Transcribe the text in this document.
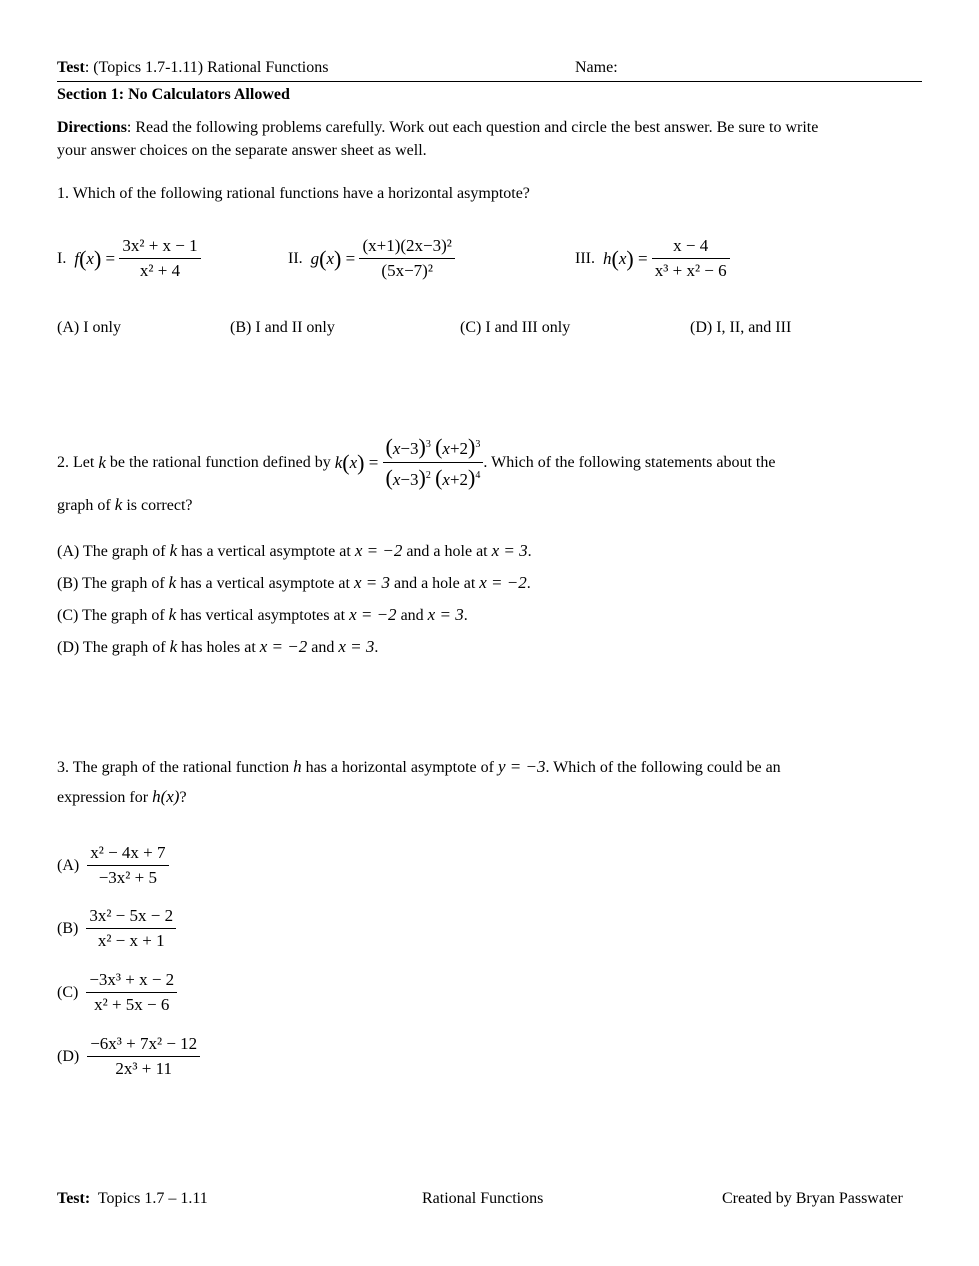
Test: (Topics 1.7-1.11) Rational Functions	Name:
Section 1: No Calculators Allowed
Directions: Read the following problems carefully. Work out each question and circle the best answer. Be sure to write
your answer choices on the separate answer sheet as well.
1. Which of the following rational functions have a horizontal asymptote?
I.
f ( x ) = $\frac{\text{3x² + x − 1}}{\text{x² + 4}}$	II.
g ( x ) = $\frac{\text{(x+1)(2x−3)²}}{\text{(5x−7)²}}$	III.
h ( x ) = $\frac{x - 4}{\text{x³ + x² − 6}}$
(A) I only	(B) I and II only	(C) I and III only	(D) I, II, and III
2. Let
k
be the rational function defined by
k ( x ) = $\frac{(x-3)^3 (x+2)^3}{(x-3)^2 (x+2)^4}$ . Which of the following statements about the
graph of k is correct?
(A) The graph of k has a vertical asymptote at x = −2 and a hole at x = 3.
(B) The graph of k has a vertical asymptote at x = 3 and a hole at x = −2.
(C) The graph of k has vertical asymptotes at x = −2 and x = 3.
(D) The graph of k has holes at x = −2 and x = 3.
3. The graph of the rational function h has a horizontal asymptote of y = −3. Which of the following could be an
expression for h(x)?
(A)
$\frac{\text{x² − 4x + 7}}{\text{−3x² + 5}}$
(B)
$\frac{\text{3x² − 5x − 2}}{\text{x² − x + 1}}$
(C)
$\frac{\text{−3x³ + x − 2}}{\text{x² + 5x − 6}}$
(D)
$\frac{\text{−6x³ + 7x² − 12}}{\text{2x³ + 11}}$
Test:  Topics 1.7 – 1.11	Rational Functions	Created by Bryan Passwater
